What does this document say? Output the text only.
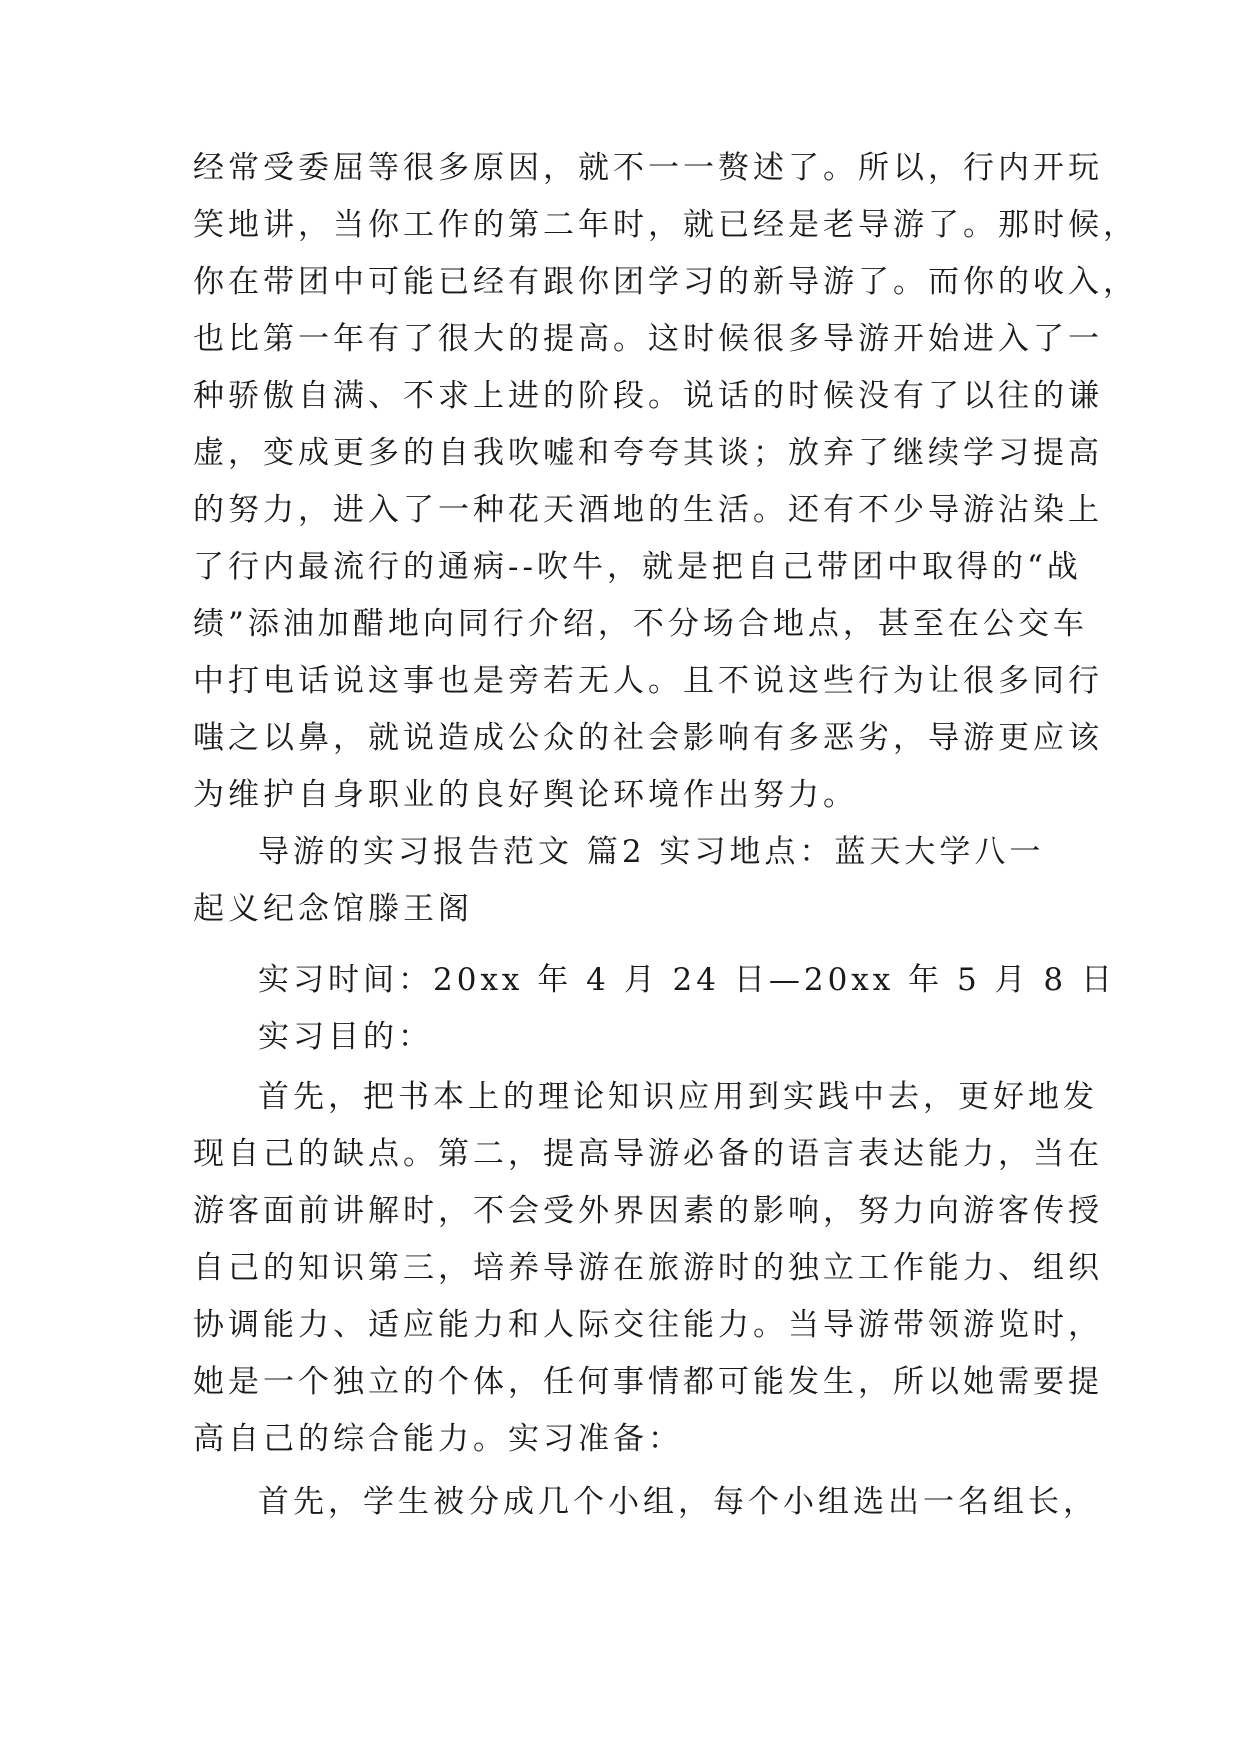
经常受委屈等很多原因，就不一一赘述了。所以，行内开玩
笑地讲，当你工作的第二年时，就已经是老导游了。那时候，
你在带团中可能已经有跟你团学习的新导游了。而你的收入，
也比第一年有了很大的提高。这时候很多导游开始进入了一
种骄傲自满、不求上进的阶段。说话的时候没有了以往的谦
虚，变成更多的自我吹嘘和夸夸其谈；放弃了继续学习提高
的努力，进入了一种花天酒地的生活。还有不少导游沾染上
了行内最流行的通病--吹牛，就是把自己带团中取得的“战
绩”添油加醋地向同行介绍，不分场合地点，甚至在公交车
中打电话说这事也是旁若无人。且不说这些行为让很多同行
嗤之以鼻，就说造成公众的社会影响有多恶劣，导游更应该
为维护自身职业的良好舆论环境作出努力。
导游的实习报告范文 篇2 实习地点：蓝天大学八一
起义纪念馆滕王阁
实习时间：20xx 年 4 月 24 日—20xx 年 5 月 8 日
实习目的：
首先，把书本上的理论知识应用到实践中去，更好地发
现自己的缺点。第二，提高导游必备的语言表达能力，当在
游客面前讲解时，不会受外界因素的影响，努力向游客传授
自己的知识第三，培养导游在旅游时的独立工作能力、组织
协调能力、适应能力和人际交往能力。当导游带领游览时，
她是一个独立的个体，任何事情都可能发生，所以她需要提
高自己的综合能力。实习准备：
首先，学生被分成几个小组，每个小组选出一名组长，
